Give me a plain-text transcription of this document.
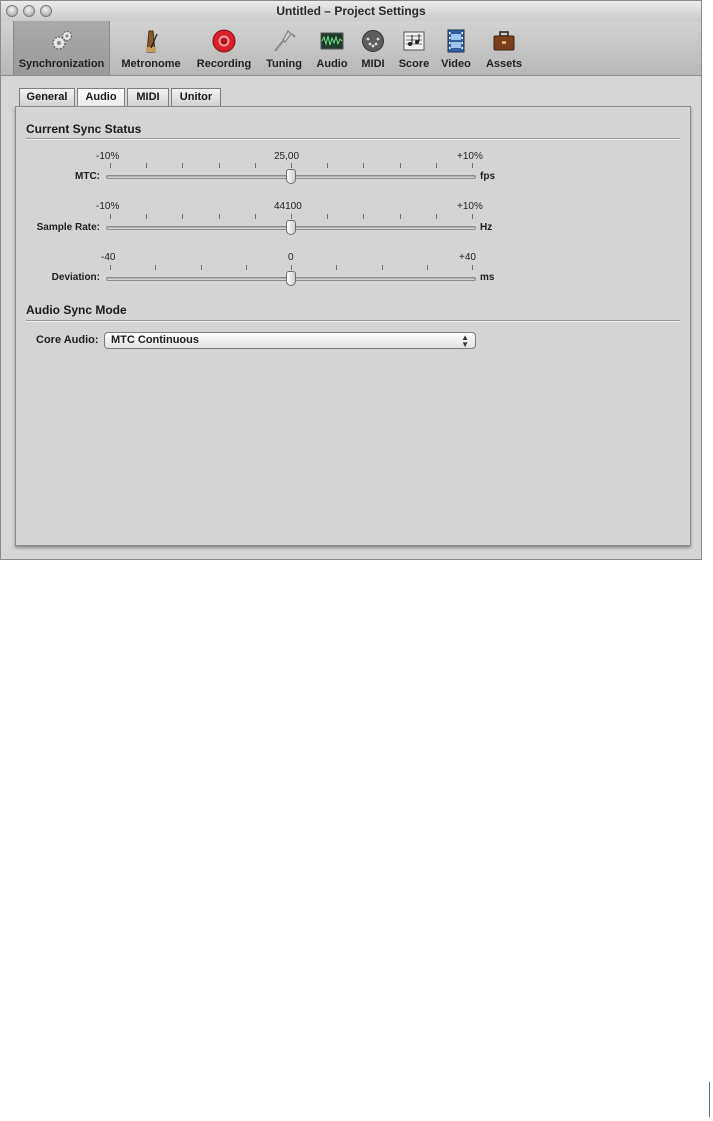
Untitled – Project Settings
Synchronization	Metronome	Recording	Tuning	Audio	MIDI	Score	Video	Assets
General	Audio	MIDI	Unitor
Current Sync Status
-10%	25,00	+10%
MTC:	fps
-10%	44100	+10%
Sample Rate:	Hz
-40	0	+40
Deviation:	ms
Audio Sync Mode
Core Audio:	MTC Continuous	▲
▼
